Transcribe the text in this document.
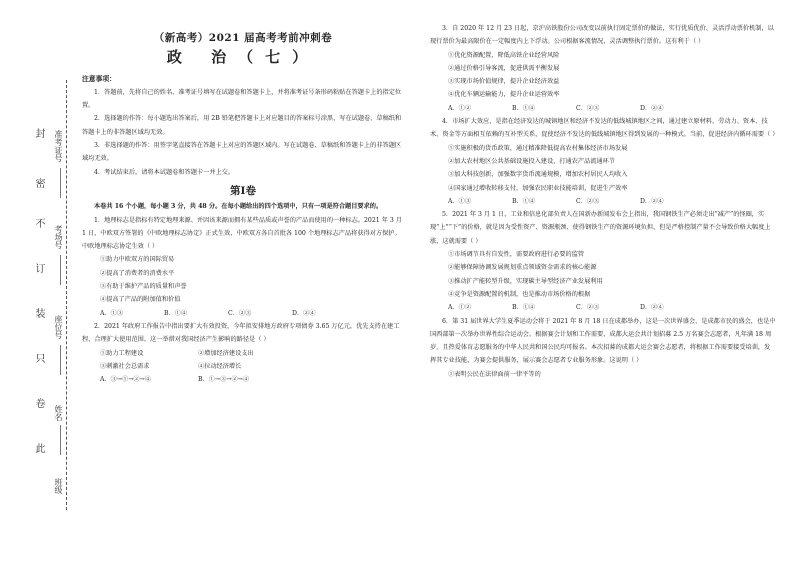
封
密
不
订
装
只
卷
此
准考证号
考场号
座位号
姓名
班级
（新高考）2021 届高考考前冲刺卷
政 治（七）
注意事项：

1．答题前，先将自己的姓名、准考证号填写在试题卷和答题卡上，并将准考证号条形码粘贴在答题卡上的指定位置。

2．选择题的作答：每小题选出答案后，用 2B 铅笔把答题卡上对应题目的答案标号涂黑，写在试题卷、草稿纸和答题卡上的非答题区域均无效。

3．非选择题的作答：用签字笔直接答在答题卡上对应的答题区域内。写在试题卷、草稿纸和答题卡上的非答题区域均无效。

4．考试结束后，请将本试题卷和答题卡一并上交。

第Ⅰ卷

本卷共 16 个小题，每小题 3 分，共 48 分。在每小题给出的四个选项中，只有一项是符合题目要求的。

1．地理标志是指标有特定地理来源、并因该来源而拥有某些品质或声誉的产品而使用的一种标志。2021 年 3 月 1 日，中欧双方签署的《中欧地理标志协定》正式生效，中欧双方各自首批各 100 个地理标志产品将获得对方保护。中欧地理标志协定生效（ ）

①助力中欧双方的国际贸易

②提高了消费者的消费水平

③有助于维护产品的质量和声誉

④提高了产品的附加值和价值

A．①③	B．①④	C．②③	D．②④

2．2021 年政府工作报告中指出要扩大有效投资，今年拟安排地方政府专项债券 3.65 万亿元，优先支持在建工程，合理扩大使用范围。这一举措对我国经济产生影响的路径是（ ）

①助力工程建设	②增加经济建设支出

③刺激社会总需求	④拉动经济增长

A．③→①→②→④	B．①→③→②→④

3．自 2020 年 12 月 23 日起，京沪高铁股份公司改变以前执行固定票价的做法，实行优质优价、灵活浮动票价机制，以现行票价为最高限价在一定幅度内上下浮动。公司根据客流情况，灵活调整执行票价。这有利于（ ）

①优化资源配置，降低高铁企业经营风险

②通过价格引导客流，促进供需平衡发展

③实现市场价值规律，提升企业经济效益

④优化车辆运输能力，提升企业运营效率

A．①②	B．①④	C．②③	D．②④

4．市场扩大效应，是指在经济发达的城镇地区和经济不发达的低线城镇地区之间，通过建立原材料、劳动力、资本、技术、资金等方面相互依赖的互补型关系，促使经济不发达的低线城镇地区得到发展的一种模式。当前，促进经济内循环需要（ ）

①实施积极的货币政策，通过精准降低提高农村集体经济市场发展

②加大农村地区公共基础设施投入建设，打通农产品流通环节

③加大科技创新，加强数字货币流通规模，增加农村居民人均收入

④国家通过增收转移支付，加强农民职业技能培训，促进生产效率

A．①③	B．①④	C．②③	D．②④

5．2021 年 3 月 1 日，工业和信息化部负责人在国新办新闻发布会上指出，我国钢铁生产必须走出“减产”的怪圈，实现“上”“下”的价格，就是因为受性资产、资源瓶颈、使得钢铁生产的资源环境负担，但是严格控制产量不会导致价格大幅度上涨，这就需要（ ）

①市场调节具有自发性，需要政府进行必要的监管

②能够保障协调发展规划重点领域资金需求的核心能源

③推动扩产能转型升级，实现碳主导型经济产业发展利用

④竞争是资源配置的机制，也是推动市场价格的根据

A．①②	B．①④	C．②③	D．②④

6．第 31 届世界大学生夏季运动会将于 2021 年 8 月 18 日在成都举办，这是一次世界盛会，是成都市民的盛会，也是中国西部第一次举办世界性综合运动会。根据赛会计划和工作需要，成都大运会共计划招募 2.5 万名赛会志愿者，凡年满 18 周岁，且热爱体育志愿服务的中华人民共和国公民均可报名。本次招募的成都大运会赛会志愿者，将根据工作需要接受培训，发挥其专业技能，为赛会提供服务，展示赛会志愿者专业服务形象。这说明（ ）

①表明公民在法律面前一律平等的
